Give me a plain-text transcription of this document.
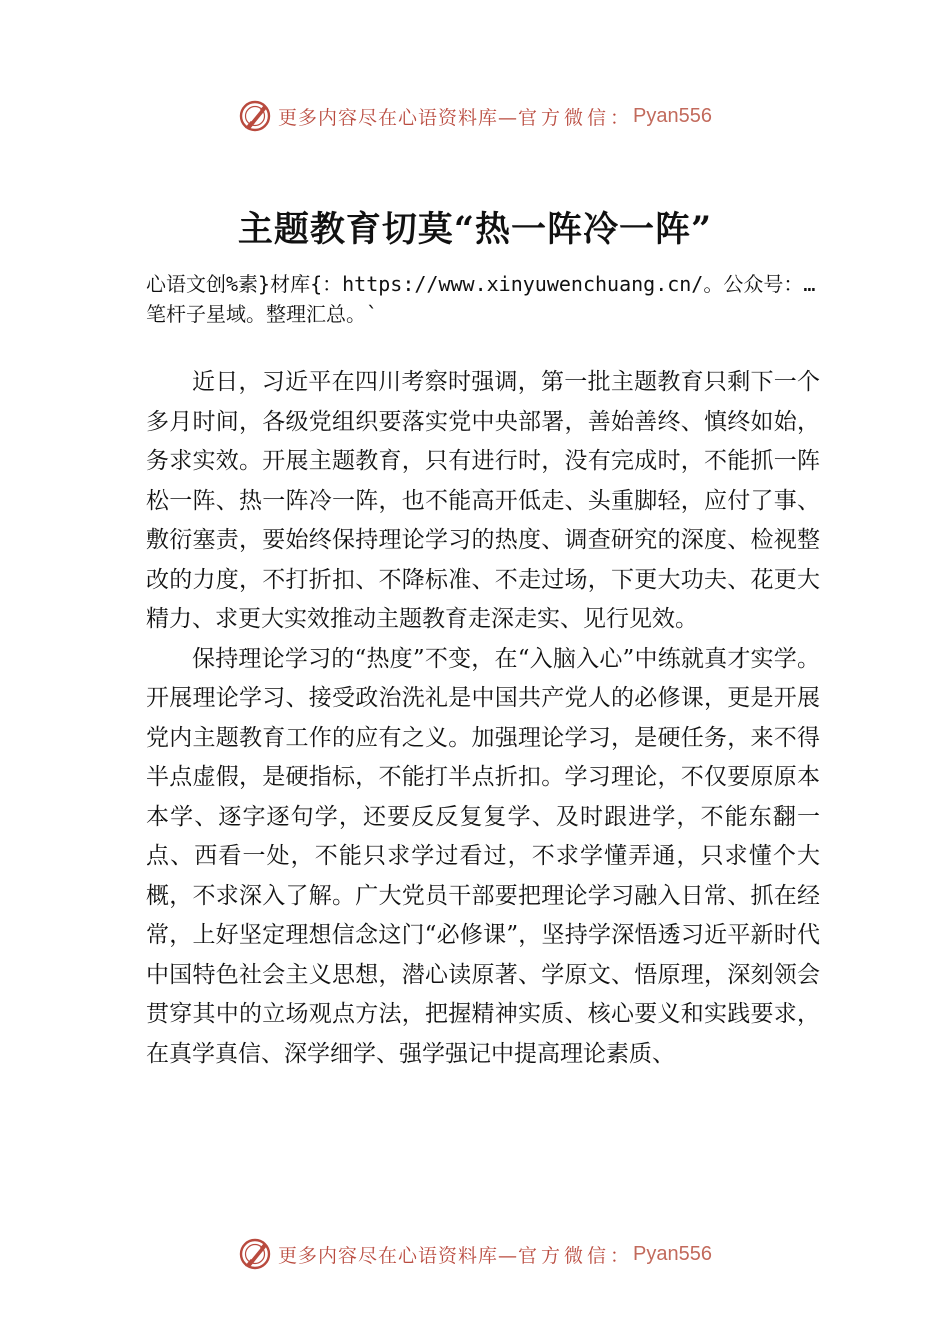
更多内容尽在心语资料库— 官方微信： Pyan556
主题教育切莫“热一阵冷一阵”
心语文创%素}材库{：https://www.xinyuwenchuang.cn/。公众号：…笔杆子星域。整理汇总。`

近日，习近平在四川考察时强调，第一批主题教育只剩下一个多月时间，各级党组织要落实党中央部署，善始善终、慎终如始，务求实效。开展主题教育，只有进行时，没有完成时，不能抓一阵松一阵、热一阵冷一阵，也不能高开低走、头重脚轻，应付了事、敷衍塞责，要始终保持理论学习的热度、调查研究的深度、检视整改的力度，不打折扣、不降标准、不走过场，下更大功夫、花更大精力、求更大实效推动主题教育走深走实、见行见效。

保持理论学习的“热度”不变，在“入脑入心”中练就真才实学。开展理论学习、接受政治洗礼是中国共产党人的必修课，更是开展党内主题教育工作的应有之义。加强理论学习，是硬任务，来不得半点虚假，是硬指标，不能打半点折扣。学习理论，不仅要原原本本学、逐字逐句学，还要反反复复学、及时跟进学，不能东翻一点、西看一处，不能只求学过看过，不求学懂弄通，只求懂个大概，不求深入了解。广大党员干部要把理论学习融入日常、抓在经常，上好坚定理想信念这门“必修课”，坚持学深悟透习近平新时代中国特色社会主义思想，潜心读原著、学原文、悟原理，深刻领会贯穿其中的立场观点方法，把握精神实质、核心要义和实践要求，在真学真信、深学细学、强学强记中提高理论素质、

更多内容尽在心语资料库— 官方微信： Pyan556
